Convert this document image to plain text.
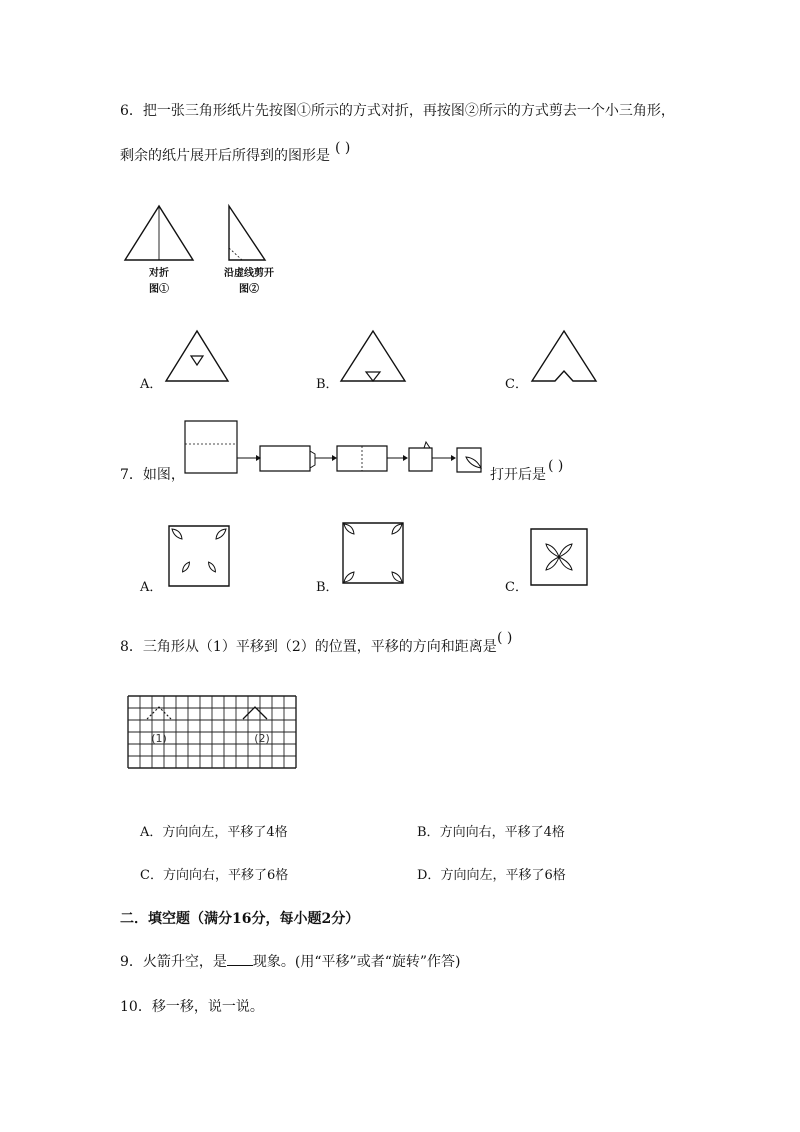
6．把一张三角形纸片先按图①所示的方式对折，再按图②所示的方式剪去一个小三角形，
剩余的纸片展开后所得到的图形是 ( )
对折
图①
沿虚线剪开
图②
A．	B．	C．
7．如图，	打开后是
( )
A．	B．	C．
8．三角形从（1）平移到（2）的位置，平移的方向和距离是
( )
(1)	(2)
A．方向向左，平移了4格	B．方向向右，平移了4格
C．方向向右，平移了6格	D．方向向左，平移了6格
二．填空题（满分16分，每小题2分）
9．火箭升空，是 现象。(用“平移”或者“旋转”作答)
10．移一移，说一说。
